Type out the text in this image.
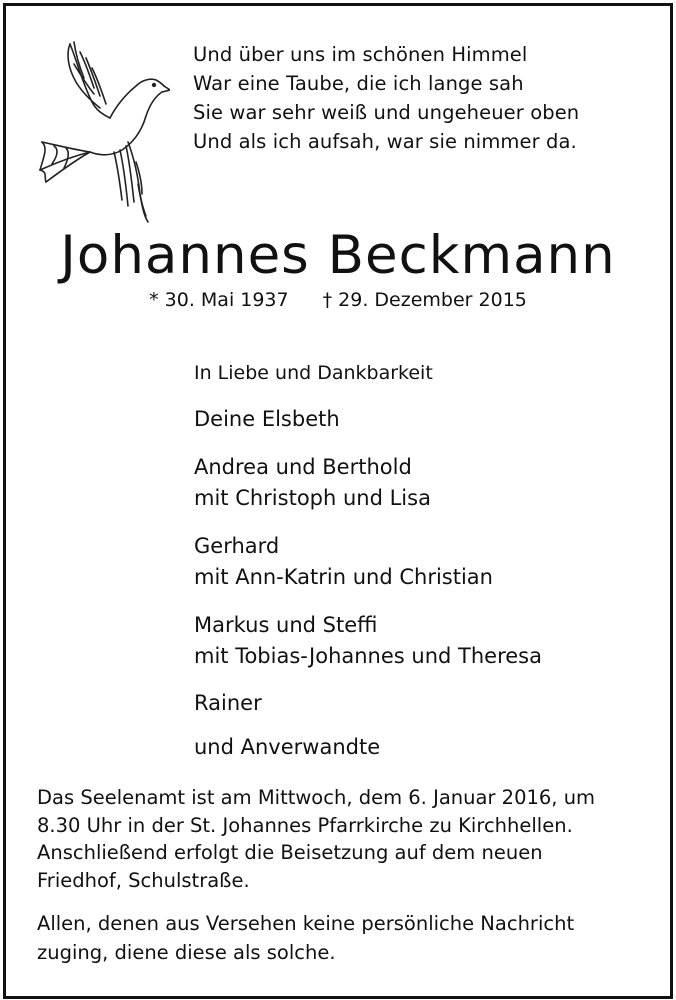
Und über uns im schönen Himmel
War eine Taube, die ich lange sah
Sie war sehr weiß und ungeheuer oben
Und als ich aufsah, war sie nimmer da.
Johannes Beckmann
* 30. Mai 1937 † 29. Dezember 2015
In Liebe und Dankbarkeit
Deine Elsbeth
Andrea und Berthold
mit Christoph und Lisa
Gerhard
mit Ann-Katrin und Christian
Markus und Steffi
mit Tobias-Johannes und Theresa
Rainer
und Anverwandte
Das Seelenamt ist am Mittwoch, dem 6. Januar 2016, um
8.30 Uhr in der St. Johannes Pfarrkirche zu Kirchhellen.
Anschließend erfolgt die Beisetzung auf dem neuen
Friedhof, Schulstraße.
Allen, denen aus Versehen keine persönliche Nachricht
zuging, diene diese als solche.
